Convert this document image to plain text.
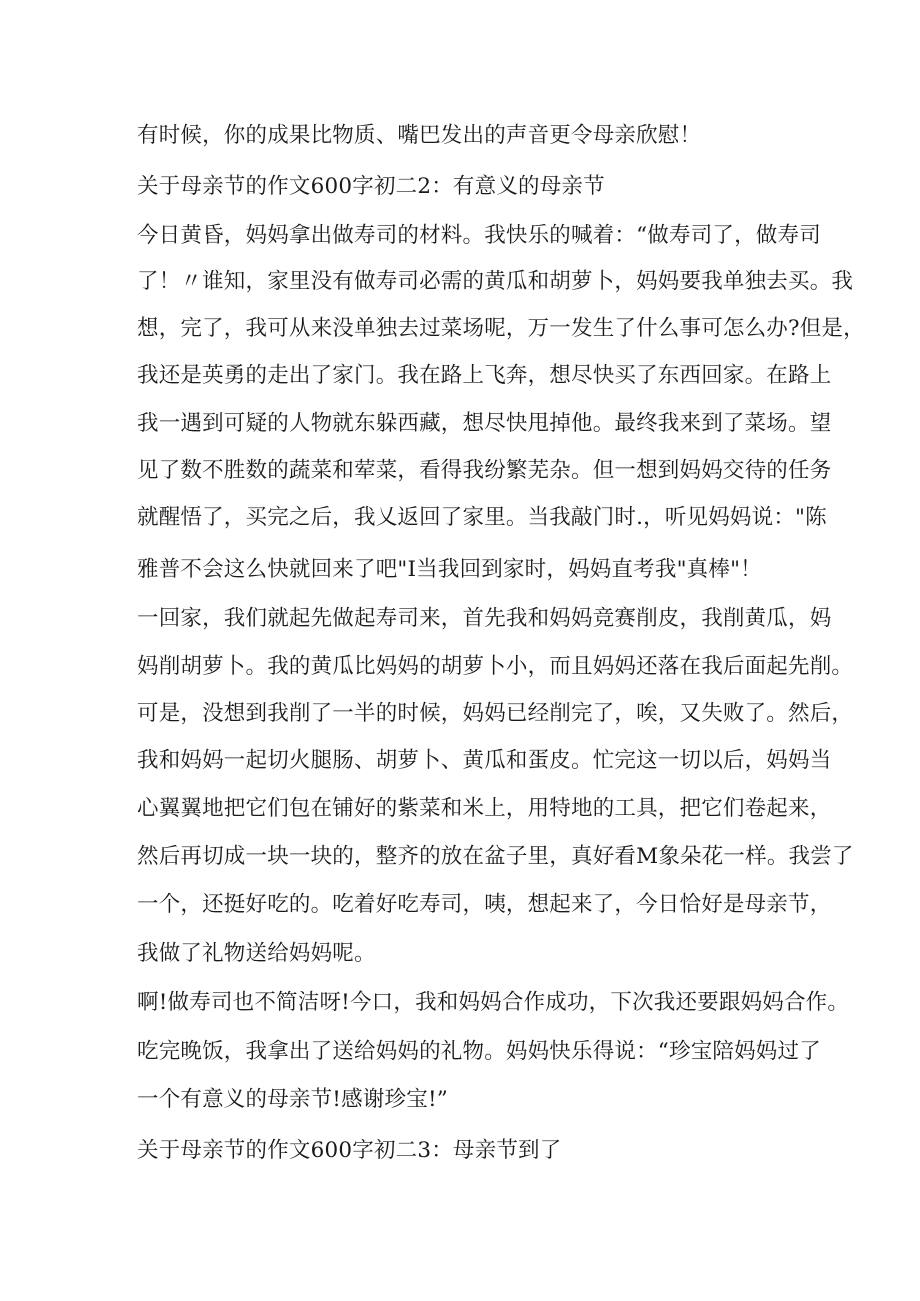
有时候，你的成果比物质、嘴巴发出的声音更令母亲欣慰！
关于母亲节的作文600字初二2：有意义的母亲节
今日黄昏，妈妈拿出做寿司的材料。我快乐的喊着：“做寿司了，做寿司
了！〃谁知，家里没有做寿司必需的黄瓜和胡萝卜，妈妈要我单独去买。我
想，完了，我可从来没单独去过菜场呢，万一发生了什么事可怎么办?但是，
我还是英勇的走出了家门。我在路上飞奔，想尽快买了东西回家。在路上
我一遇到可疑的人物就东躲西藏，想尽快甩掉他。最终我来到了菜场。望
见了数不胜数的蔬菜和荤菜，看得我纷繁芜杂。但一想到妈妈交待的任务
就醒悟了，买完之后，我乂返回了家里。当我敲门时.，听见妈妈说："陈
雅普不会这么快就回来了吧"I当我回到家时，妈妈直考我"真棒"！
一回家，我们就起先做起寿司来，首先我和妈妈竞赛削皮，我削黄瓜，妈
妈削胡萝卜。我的黄瓜比妈妈的胡萝卜小，而且妈妈还落在我后面起先削。
可是，没想到我削了一半的时候，妈妈已经削完了，唉，又失败了。然后，
我和妈妈一起切火腿肠、胡萝卜、黄瓜和蛋皮。忙完这一切以后，妈妈当
心翼翼地把它们包在铺好的紫菜和米上，用特地的工具，把它们卷起来，
然后再切成一块一块的，整齐的放在盆子里，真好看M象朵花一样。我尝了
一个，还挺好吃的。吃着好吃寿司，咦，想起来了，今日恰好是母亲节，
我做了礼物送给妈妈呢。
啊!做寿司也不简洁呀!今口，我和妈妈合作成功，下次我还要跟妈妈合作。
吃完晚饭，我拿出了送给妈妈的礼物。妈妈快乐得说：“珍宝陪妈妈过了
一个有意义的母亲节!感谢珍宝!”
关于母亲节的作文600字初二3：母亲节到了
